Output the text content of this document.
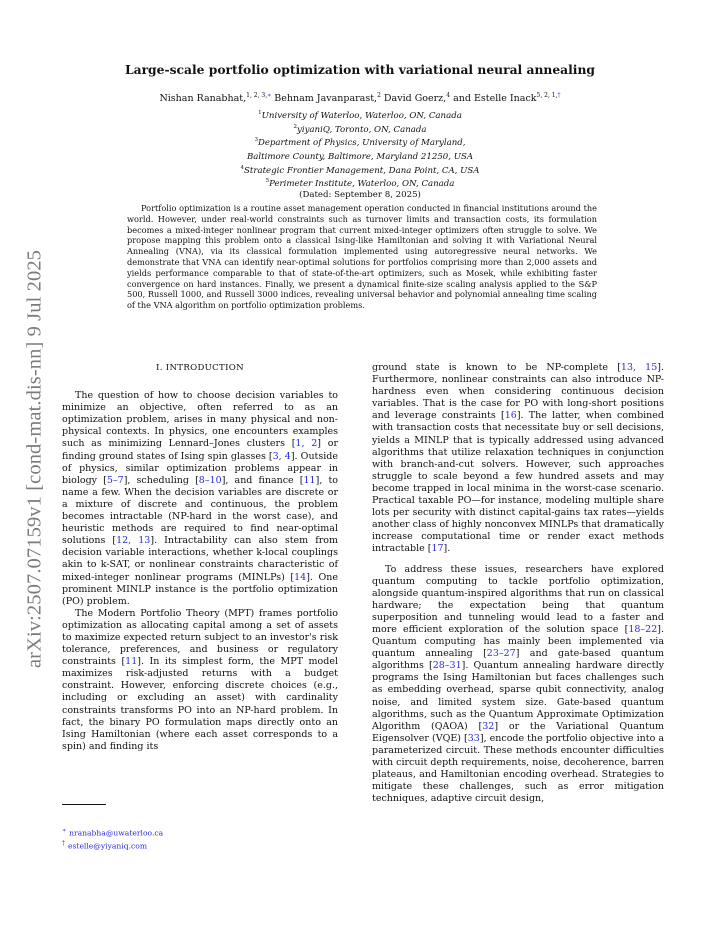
arXiv:2507.07159v1 [cond-mat.dis-nn] 9 Jul 2025
Large-scale portfolio optimization with variational neural annealing
Nishan Ranabhat,$^{1, 2, 3,∗}$ Behnam Javanparast,$^2$ David Goerz,$^4$ and Estelle Inack$^{5, 2, 1,\dagger}$
$^1$University of Waterloo, Waterloo, ON, Canada
$^2$yiyaniQ, Toronto, ON, Canada
$^3$Department of Physics, University of Maryland,
Baltimore County, Baltimore, Maryland 21250, USA
$^4$Strategic Frontier Management, Dana Point, CA, USA
$^5$Perimeter Institute, Waterloo, ON, Canada
(Dated: September 8, 2025)
Portfolio optimization is a routine asset management operation conducted in financial institutions around the world. However, under real-world constraints such as turnover limits and transaction costs, its formulation becomes a mixed-integer nonlinear program that current mixed-integer optimizers often struggle to solve. We propose mapping this problem onto a classical Ising-like Hamiltonian and solving it with Variational Neural Annealing (VNA), via its classical formulation implemented using autoregressive neural networks. We demonstrate that VNA can identify near-optimal solutions for portfolios comprising more than 2,000 assets and yields performance comparable to that of state-of-the-art optimizers, such as Mosek, while exhibiting faster convergence on hard instances. Finally, we present a dynamical finite-size scaling analysis applied to the S&P 500, Russell 1000, and Russell 3000 indices, revealing universal behavior and polynomial annealing time scaling of the VNA algorithm on portfolio optimization problems.
I. INTRODUCTION

The question of how to choose decision variables to minimize an objective, often referred to as an optimization problem, arises in many physical and non-physical contexts. In physics, one encounters examples such as minimizing Lennard–Jones clusters [1, 2] or finding ground states of Ising spin glasses [3, 4]. Outside of physics, similar optimization problems appear in biology [5–7], scheduling [8–10], and finance [11], to name a few. When the decision variables are discrete or a mixture of discrete and continuous, the problem becomes intractable (NP-hard in the worst case), and heuristic methods are required to find near-optimal solutions [12, 13]. Intractability can also stem from decision variable interactions, whether k-local couplings akin to k-SAT, or nonlinear constraints characteristic of mixed-integer nonlinear programs (MINLPs) [14]. One prominent MINLP instance is the portfolio optimization (PO) problem.

The Modern Portfolio Theory (MPT) frames portfolio optimization as allocating capital among a set of assets to maximize expected return subject to an investor's risk tolerance, preferences, and business or regulatory constraints [11]. In its simplest form, the MPT model maximizes risk-adjusted returns with a budget constraint. However, enforcing discrete choices (e.g., including or excluding an asset) with cardinality constraints transforms PO into an NP-hard problem. In fact, the binary PO formulation maps directly onto an Ising Hamiltonian (where each asset corresponds to a spin) and finding its

ground state is known to be NP-complete [13, 15]. Furthermore, nonlinear constraints can also introduce NP-hardness even when considering continuous decision variables. That is the case for PO with long-short positions and leverage constraints [16]. The latter, when combined with transaction costs that necessitate buy or sell decisions, yields a MINLP that is typically addressed using advanced algorithms that utilize relaxation techniques in conjunction with branch-and-cut solvers. However, such approaches struggle to scale beyond a few hundred assets and may become trapped in local minima in the worst-case scenario. Practical taxable PO—for instance, modeling multiple share lots per security with distinct capital-gains tax rates—yields another class of highly nonconvex MINLPs that dramatically increase computational time or render exact methods intractable [17].

To address these issues, researchers have explored quantum computing to tackle portfolio optimization, alongside quantum-inspired algorithms that run on classical hardware; the expectation being that quantum superposition and tunneling would lead to a faster and more efficient exploration of the solution space [18–22]. Quantum computing has mainly been implemented via quantum annealing [23–27] and gate-based quantum algorithms [28–31]. Quantum annealing hardware directly programs the Ising Hamiltonian but faces challenges such as embedding overhead, sparse qubit connectivity, analog noise, and limited system size. Gate-based quantum algorithms, such as the Quantum Approximate Optimization Algorithm (QAOA) [32] or the Variational Quantum Eigensolver (VQE) [33], encode the portfolio objective into a parameterized circuit. These methods encounter difficulties with circuit depth requirements, noise, decoherence, barren plateaus, and Hamiltonian encoding overhead. Strategies to mitigate these challenges, such as error mitigation techniques, adaptive circuit design,

∗ nranabha@uwaterloo.ca
† estelle@yiyaniq.com
